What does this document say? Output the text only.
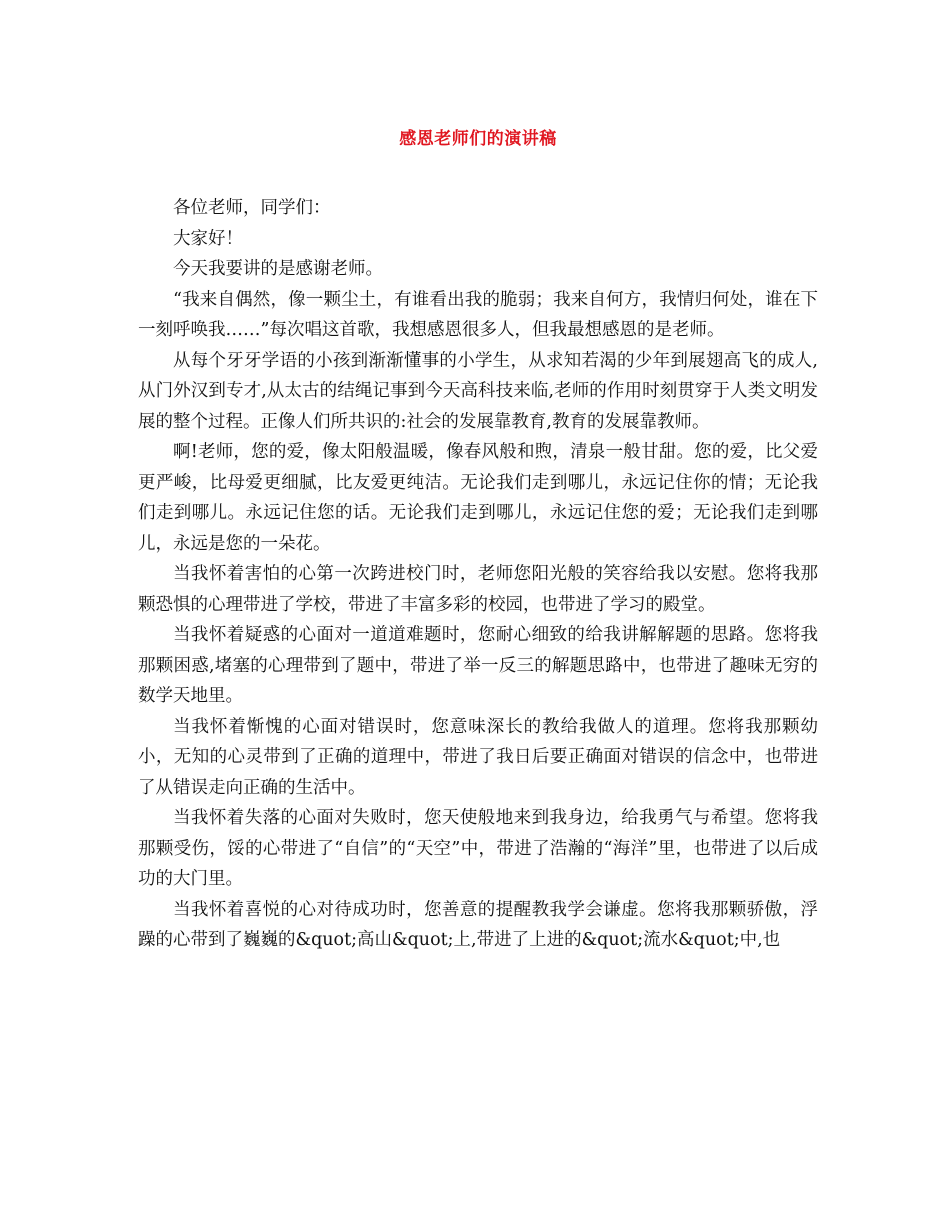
感恩老师们的演讲稿

各位老师，同学们：

大家好！

今天我要讲的是感谢老师。

“我来自偶然，像一颗尘土，有谁看出我的脆弱；我来自何方，我情归何处，谁在下一刻呼唤我……”每次唱这首歌，我想感恩很多人，但我最想感恩的是老师。

从每个牙牙学语的小孩到渐渐懂事的小学生，从求知若渴的少年到展翅高飞的成人,从门外汉到专才,从太古的结绳记事到今天高科技来临,老师的作用时刻贯穿于人类文明发展的整个过程。正像人们所共识的:社会的发展靠教育,教育的发展靠教师。

啊!老师，您的爱，像太阳般温暖，像春风般和煦，清泉一般甘甜。您的爱，比父爱更严峻，比母爱更细腻，比友爱更纯洁。无论我们走到哪儿，永远记住你的情；无论我们走到哪儿。永远记住您的话。无论我们走到哪儿，永远记住您的爱；无论我们走到哪儿，永远是您的一朵花。

当我怀着害怕的心第一次跨进校门时，老师您阳光般的笑容给我以安慰。您将我那颗恐惧的心理带进了学校，带进了丰富多彩的校园，也带进了学习的殿堂。

当我怀着疑惑的心面对一道道难题时，您耐心细致的给我讲解解题的思路。您将我那颗困惑,堵塞的心理带到了题中，带进了举一反三的解题思路中，也带进了趣味无穷的数学天地里。

当我怀着惭愧的心面对错误时，您意味深长的教给我做人的道理。您将我那颗幼小，无知的心灵带到了正确的道理中，带进了我日后要正确面对错误的信念中，也带进了从错误走向正确的生活中。

当我怀着失落的心面对失败时，您天使般地来到我身边，给我勇气与希望。您将我那颗受伤，馁的心带进了“自信”的“天空”中，带进了浩瀚的“海洋”里，也带进了以后成功的大门里。

当我怀着喜悦的心对待成功时，您善意的提醒教我学会谦虚。您将我那颗骄傲，浮躁的心带到了巍巍的&quot;高山&quot;上,带进了上进的&quot;流水&quot;中,也
